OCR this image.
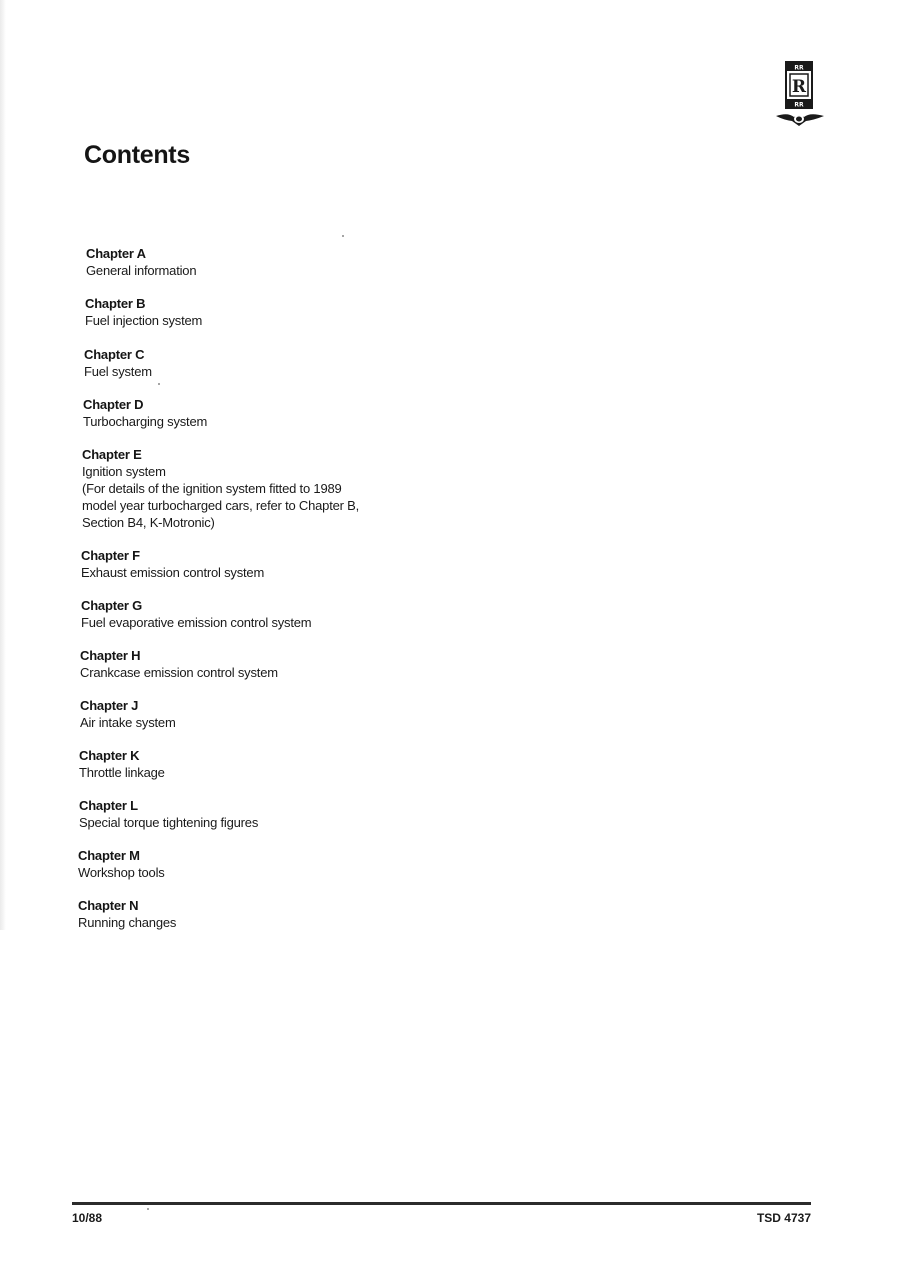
Contents
RR
RR
R
Chapter A
General information
Chapter B
Fuel injection system
Chapter C
Fuel system
Chapter D
Turbocharging system
Chapter E
Ignition system
(For details of the ignition system fitted to 1989
model year turbocharged cars, refer to Chapter B,
Section B4, K-Motronic)
Chapter F
Exhaust emission control system
Chapter G
Fuel evaporative emission control system
Chapter H
Crankcase emission control system
Chapter J
Air intake system
Chapter K
Throttle linkage
Chapter L
Special torque tightening figures
Chapter M
Workshop tools
Chapter N
Running changes
10/88	TSD 4737
